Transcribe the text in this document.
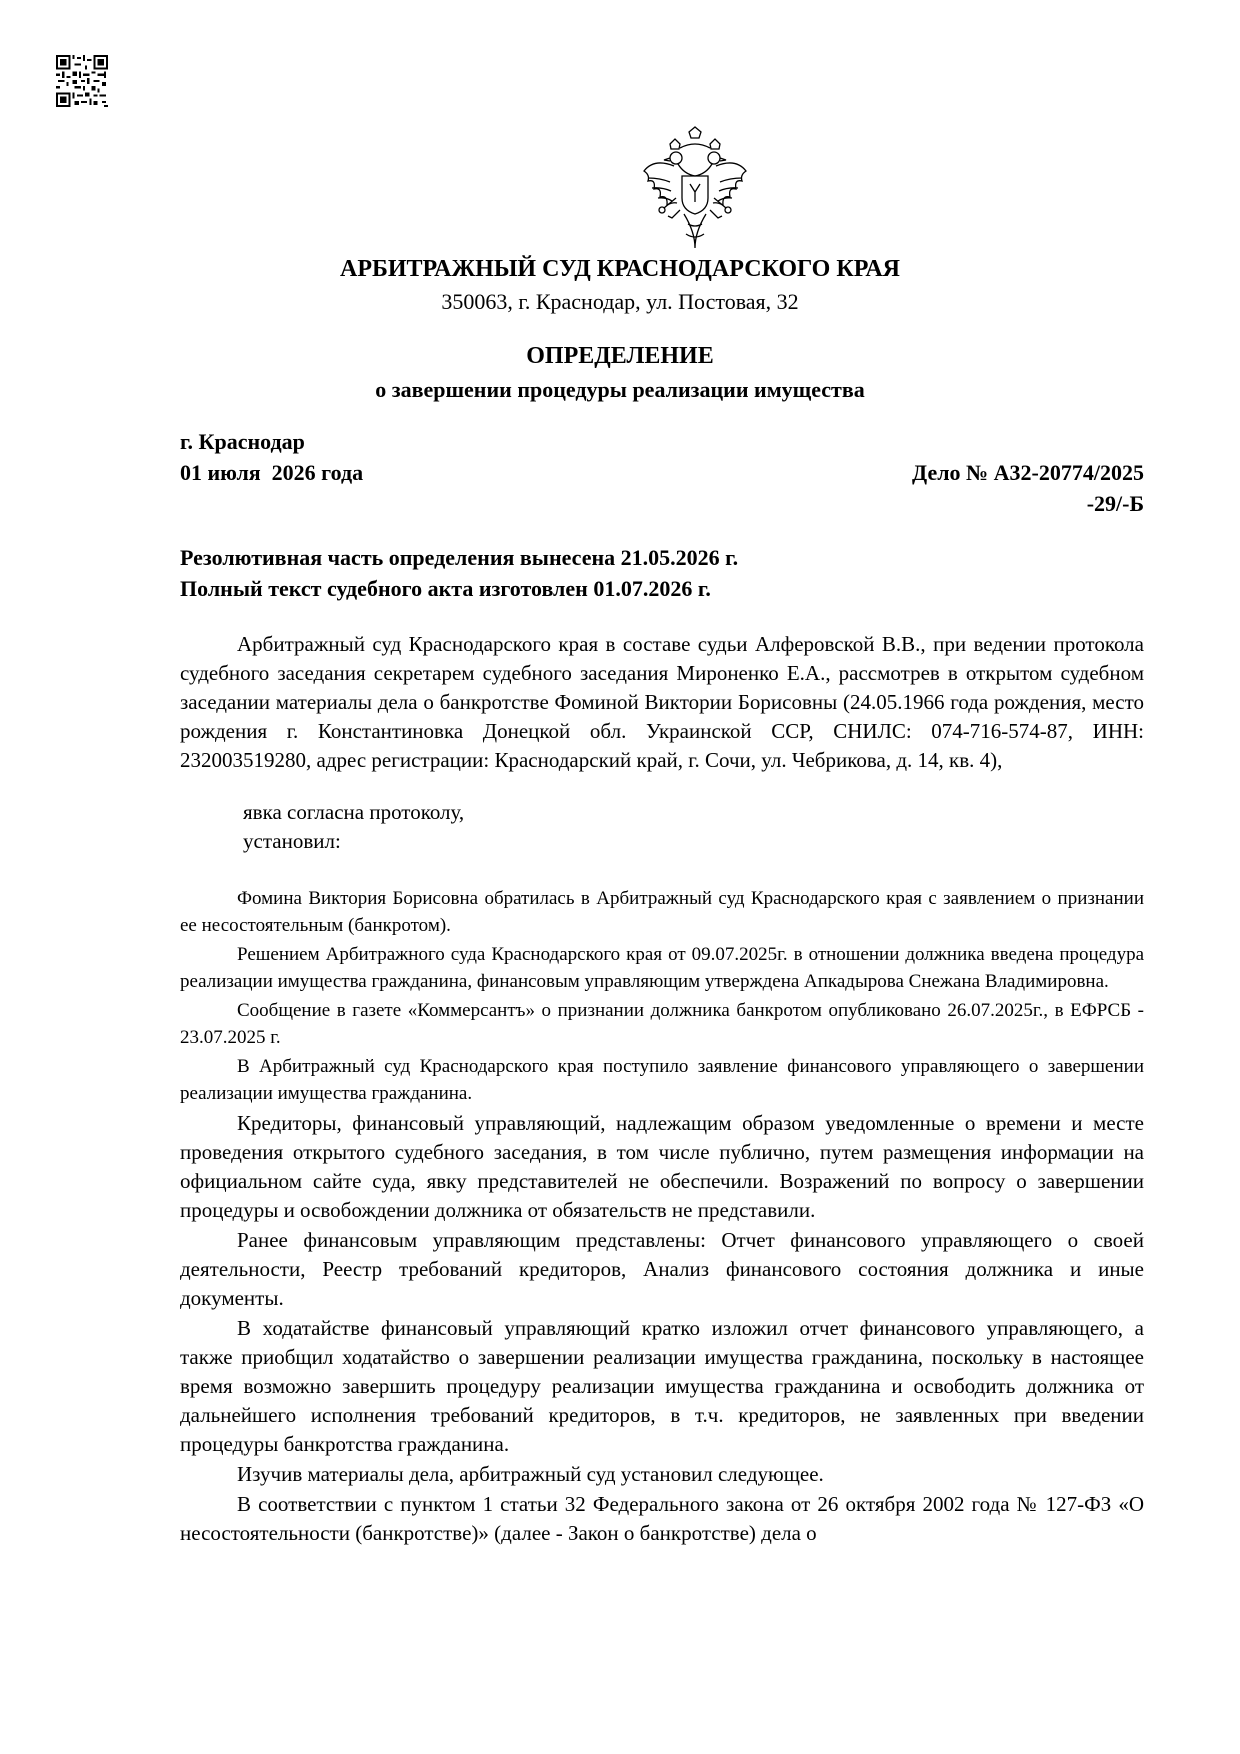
АРБИТРАЖНЫЙ СУД КРАСНОДАРСКОГО КРАЯ
350063, г. Краснодар, ул. Постовая, 32
ОПРЕДЕЛЕНИЕ
о завершении процедуры реализации имущества
г. Краснодар
01 июля  2026 года	Дело № А32-20774/2025
-29/-Б
Резолютивная часть определения вынесена 21.05.2026 г.
Полный текст судебного акта изготовлен 01.07.2026 г.

Арбитражный суд Краснодарского края в составе судьи Алферовской В.В., при ведении протокола судебного заседания секретарем судебного заседания Мироненко Е.А., рассмотрев в открытом судебном заседании материалы дела о банкротстве Фоминой Виктории Борисовны (24.05.1966 года рождения, место рождения г. Константиновка Донецкой обл. Украинской ССР, СНИЛС: 074-716-574-87, ИНН: 232003519280, адрес регистрации: Краснодарский край, г. Сочи, ул. Чебрикова, д. 14, кв. 4),

явка согласна протоколу,
установил:

Фомина Виктория Борисовна обратилась в Арбитражный суд Краснодарского края с заявлением о признании ее несостоятельным (банкротом).

Решением Арбитражного суда Краснодарского края от 09.07.2025г. в отношении должника введена процедура реализации имущества гражданина, финансовым управляющим утверждена Апкадырова Снежана Владимировна.

Сообщение в газете «Коммерсантъ» о признании должника банкротом опубликовано 26.07.2025г., в ЕФРСБ - 23.07.2025 г.

В Арбитражный суд Краснодарского края поступило заявление финансового управляющего о завершении реализации имущества гражданина.

Кредиторы, финансовый управляющий, надлежащим образом уведомленные о времени и месте проведения открытого судебного заседания, в том числе публично, путем размещения информации на официальном сайте суда, явку представителей не обеспечили. Возражений по вопросу о завершении процедуры и освобождении должника от обязательств не представили.

Ранее финансовым управляющим представлены: Отчет финансового управляющего о своей деятельности, Реестр требований кредиторов, Анализ финансового состояния должника и иные документы.

В ходатайстве финансовый управляющий кратко изложил отчет финансового управляющего, а также приобщил ходатайство о завершении реализации имущества гражданина, поскольку в настоящее время возможно завершить процедуру реализации имущества гражданина и освободить должника от дальнейшего исполнения требований кредиторов, в т.ч. кредиторов, не заявленных при введении процедуры банкротства гражданина.

Изучив материалы дела, арбитражный суд установил следующее.

В соответствии с пунктом 1 статьи 32 Федерального закона от 26 октября 2002 года № 127-ФЗ «О несостоятельности (банкротстве)» (далее - Закон о банкротстве) дела о
